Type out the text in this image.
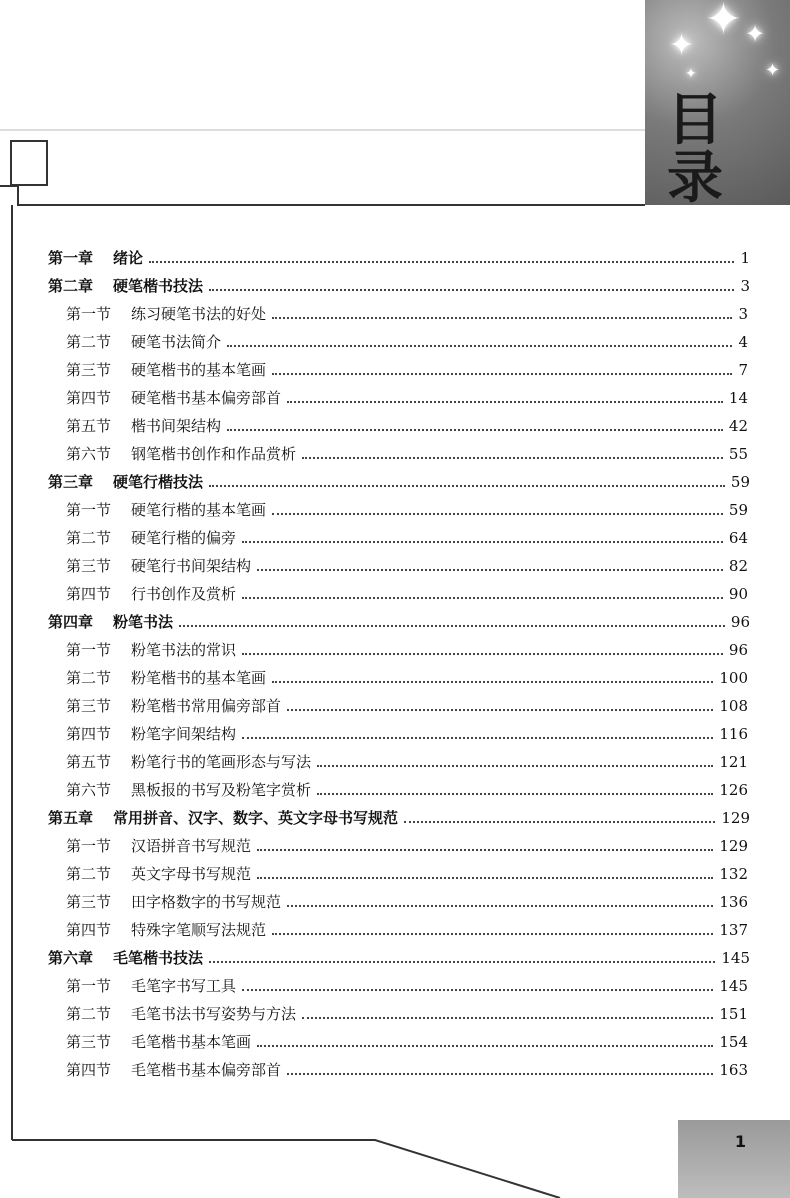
✦
✦ ✦
✦
✦
目
录
第一章 绪论	1
第二章 硬笔楷书技法	3
第一节 练习硬笔书法的好处	3
第二节 硬笔书法简介	4
第三节 硬笔楷书的基本笔画	7
第四节 硬笔楷书基本偏旁部首	14
第五节 楷书间架结构	42
第六节 钢笔楷书创作和作品赏析	55
第三章 硬笔行楷技法	59
第一节 硬笔行楷的基本笔画	59
第二节 硬笔行楷的偏旁	64
第三节 硬笔行书间架结构	82
第四节 行书创作及赏析	90
第四章 粉笔书法	96
第一节 粉笔书法的常识	96
第二节 粉笔楷书的基本笔画	100
第三节 粉笔楷书常用偏旁部首	108
第四节 粉笔字间架结构	116
第五节 粉笔行书的笔画形态与写法	121
第六节 黑板报的书写及粉笔字赏析	126
第五章 常用拼音、汉字、数字、英文字母书写规范	129
第一节 汉语拼音书写规范	129
第二节 英文字母书写规范	132
第三节 田字格数字的书写规范	136
第四节 特殊字笔顺写法规范	137
第六章 毛笔楷书技法	145
第一节 毛笔字书写工具	145
第二节 毛笔书法书写姿势与方法	151
第三节 毛笔楷书基本笔画	154
第四节 毛笔楷书基本偏旁部首	163
1
